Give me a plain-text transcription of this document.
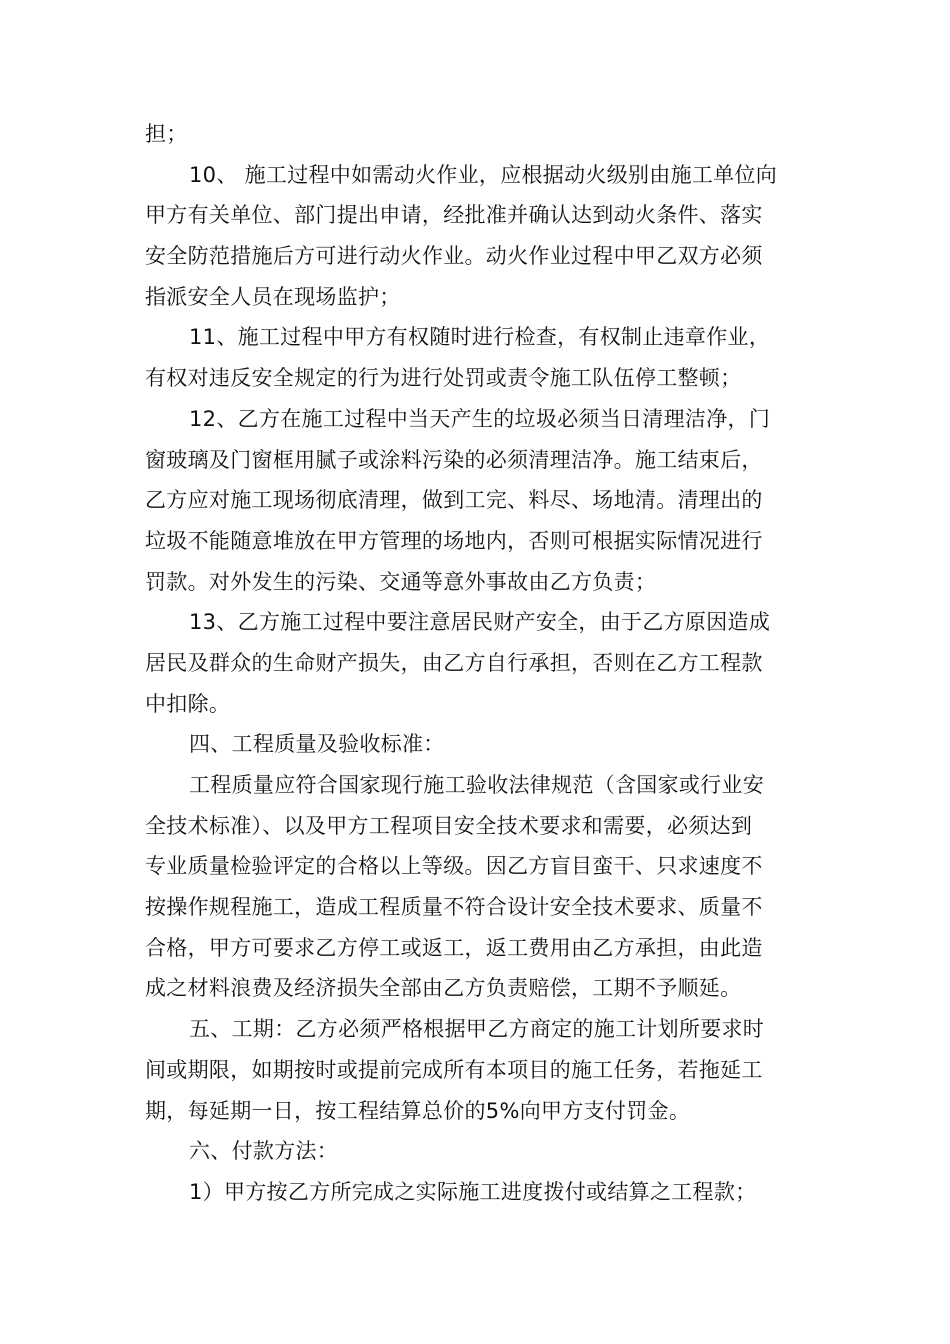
担；
10、 施工过程中如需动火作业，应根据动火级别由施工单位向
甲方有关单位、部门提出申请，经批准并确认达到动火条件、落实
安全防范措施后方可进行动火作业。动火作业过程中甲乙双方必须
指派安全人员在现场监护；
11、施工过程中甲方有权随时进行检查，有权制止违章作业，
有权对违反安全规定的行为进行处罚或责令施工队伍停工整顿；
12、乙方在施工过程中当天产生的垃圾必须当日清理洁净，门
窗玻璃及门窗框用腻子或涂料污染的必须清理洁净。施工结束后，
乙方应对施工现场彻底清理，做到工完、料尽、场地清。清理出的
垃圾不能随意堆放在甲方管理的场地内，否则可根据实际情况进行
罚款。对外发生的污染、交通等意外事故由乙方负责；
13、乙方施工过程中要注意居民财产安全，由于乙方原因造成
居民及群众的生命财产损失，由乙方自行承担，否则在乙方工程款
中扣除。
四、工程质量及验收标准：
工程质量应符合国家现行施工验收法律规范（含国家或行业安
全技术标准）、以及甲方工程项目安全技术要求和需要，必须达到
专业质量检验评定的合格以上等级。因乙方盲目蛮干、只求速度不
按操作规程施工，造成工程质量不符合设计安全技术要求、质量不
合格，甲方可要求乙方停工或返工，返工费用由乙方承担，由此造
成之材料浪费及经济损失全部由乙方负责赔偿，工期不予顺延。
五、工期：乙方必须严格根据甲乙方商定的施工计划所要求时
间或期限，如期按时或提前完成所有本项目的施工任务，若拖延工
期，每延期一日，按工程结算总价的5%向甲方支付罚金。
六、付款方法：
1）甲方按乙方所完成之实际施工进度拨付或结算之工程款；
